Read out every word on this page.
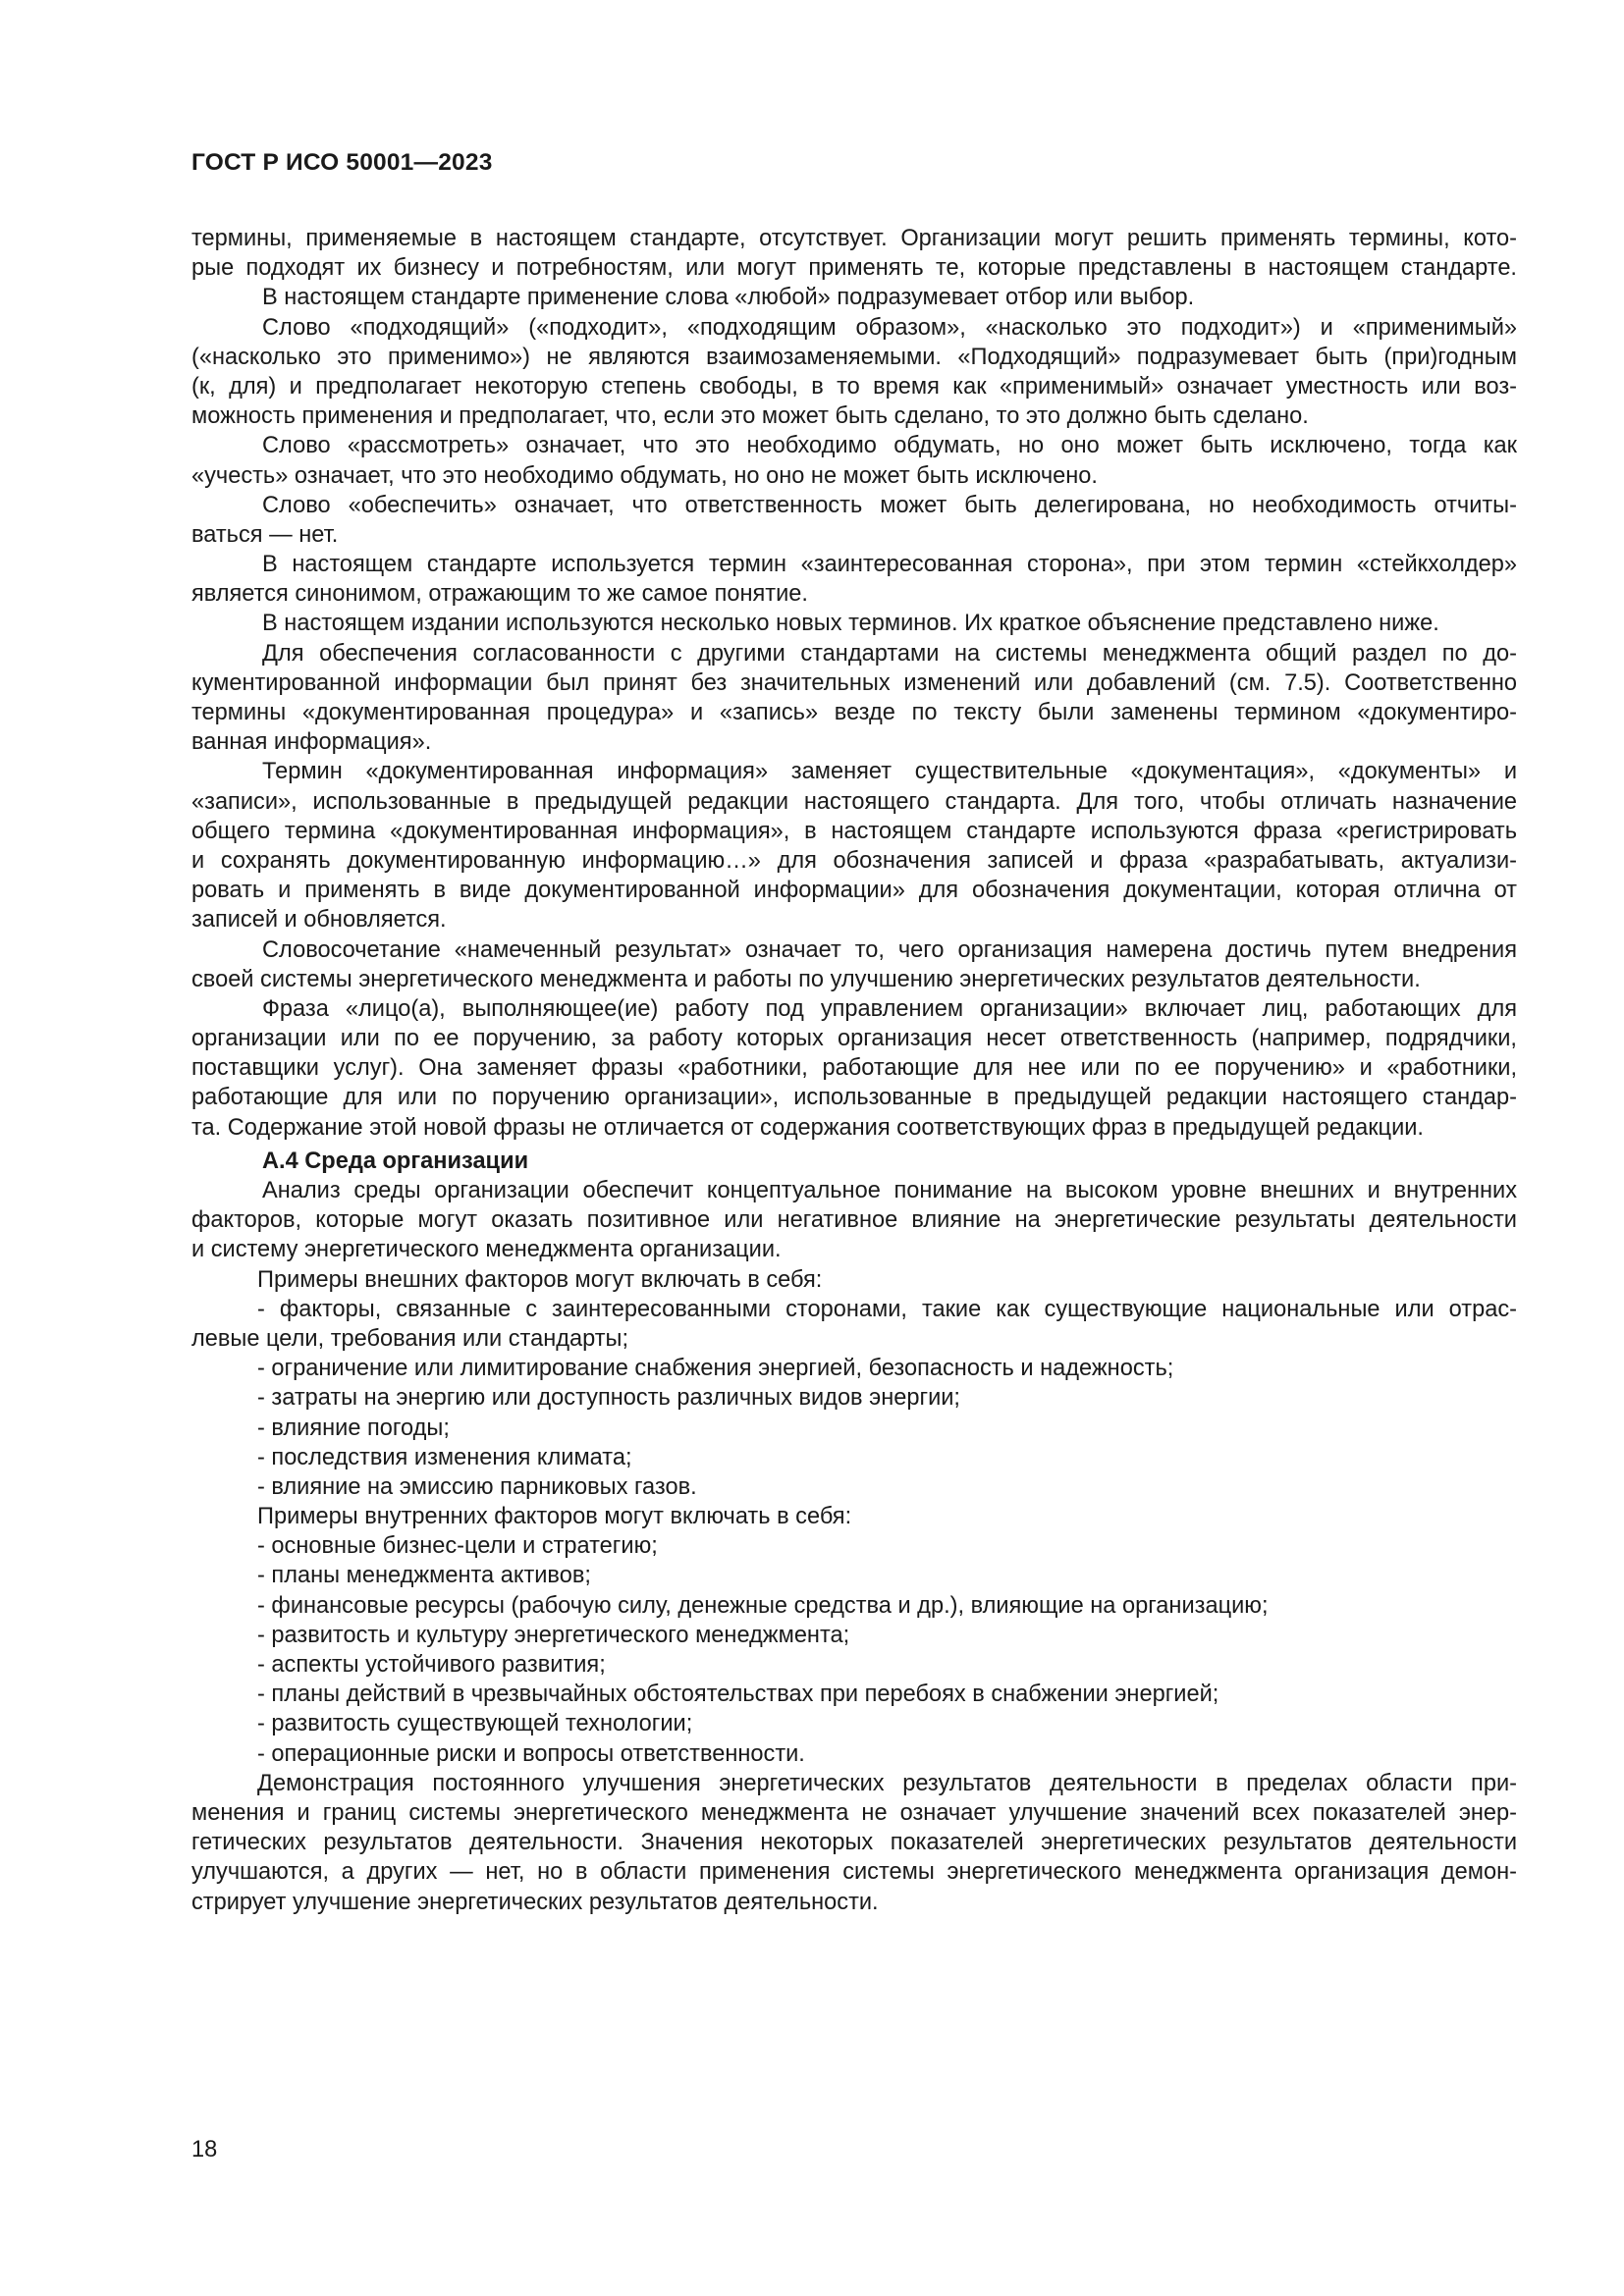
ГОСТ Р ИСО 50001—2023
термины, применяемые в настоящем стандарте, отсутствует. Организации могут решить применять термины, кото-
рые подходят их бизнесу и потребностям, или могут применять те, которые представлены в настоящем стандарте.
В настоящем стандарте применение слова «любой» подразумевает отбор или выбор.
Слово «подходящий» («подходит», «подходящим образом», «насколько это подходит») и «применимый»
(«насколько это применимо») не являются взаимозаменяемыми. «Подходящий» подразумевает быть (при)годным
(к, для) и предполагает некоторую степень свободы, в то время как «применимый» означает уместность или воз-
можность применения и предполагает, что, если это может быть сделано, то это должно быть сделано.
Слово «рассмотреть» означает, что это необходимо обдумать, но оно может быть исключено, тогда как
«учесть» означает, что это необходимо обдумать, но оно не может быть исключено.
Слово «обеспечить» означает, что ответственность может быть делегирована, но необходимость отчиты-
ваться — нет.
В настоящем стандарте используется термин «заинтересованная сторона», при этом термин «стейкхолдер»
является синонимом, отражающим то же самое понятие.
В настоящем издании используются несколько новых терминов. Их краткое объяснение представлено ниже.
Для обеспечения согласованности с другими стандартами на системы менеджмента общий раздел по до-
кументированной информации был принят без значительных изменений или добавлений (см. 7.5). Соответственно
термины «документированная процедура» и «запись» везде по тексту были заменены термином «документиро-
ванная информация».
Термин «документированная информация» заменяет существительные «документация», «документы» и
«записи», использованные в предыдущей редакции настоящего стандарта. Для того, чтобы отличать назначение
общего термина «документированная информация», в настоящем стандарте используются фраза «регистрировать
и сохранять документированную информацию…» для обозначения записей и фраза «разрабатывать, актуализи-
ровать и применять в виде документированной информации» для обозначения документации, которая отлична от
записей и обновляется.
Словосочетание «намеченный результат» означает то, чего организация намерена достичь путем внедрения
своей системы энергетического менеджмента и работы по улучшению энергетических результатов деятельности.
Фраза «лицо(а), выполняющее(ие) работу под управлением организации» включает лиц, работающих для
организации или по ее поручению, за работу которых организация несет ответственность (например, подрядчики,
поставщики услуг). Она заменяет фразы «работники, работающие для нее или по ее поручению» и «работники,
работающие для или по поручению организации», использованные в предыдущей редакции настоящего стандар-
та. Содержание этой новой фразы не отличается от содержания соответствующих фраз в предыдущей редакции.
А.4 Среда организации
Анализ среды организации обеспечит концептуальное понимание на высоком уровне внешних и внутренних
факторов, которые могут оказать позитивное или негативное влияние на энергетические результаты деятельности
и систему энергетического менеджмента организации.
Примеры внешних факторов могут включать в себя:
- факторы, связанные с заинтересованными сторонами, такие как существующие национальные или отрас-
левые цели, требования или стандарты;
- ограничение или лимитирование снабжения энергией, безопасность и надежность;
- затраты на энергию или доступность различных видов энергии;
- влияние погоды;
- последствия изменения климата;
- влияние на эмиссию парниковых газов.
Примеры внутренних факторов могут включать в себя:
- основные бизнес-цели и стратегию;
- планы менеджмента активов;
- финансовые ресурсы (рабочую силу, денежные средства и др.), влияющие на организацию;
- развитость и культуру энергетического менеджмента;
- аспекты устойчивого развития;
- планы действий в чрезвычайных обстоятельствах при перебоях в снабжении энергией;
- развитость существующей технологии;
- операционные риски и вопросы ответственности.
Демонстрация постоянного улучшения энергетических результатов деятельности в пределах области при-
менения и границ системы энергетического менеджмента не означает улучшение значений всех показателей энер-
гетических результатов деятельности. Значения некоторых показателей энергетических результатов деятельности
улучшаются, а других — нет, но в области применения системы энергетического менеджмента организация демон-
стрирует улучшение энергетических результатов деятельности.
18
